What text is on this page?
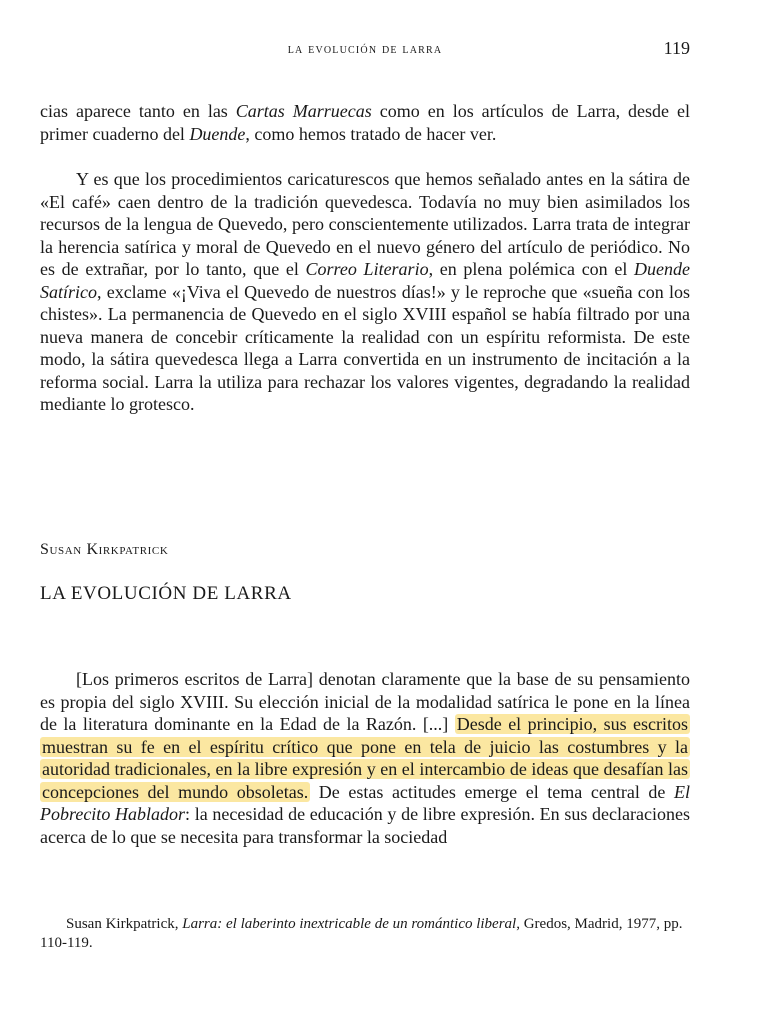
la evolución de larra	119

cias aparece tanto en las Cartas Marruecas como en los artículos de Larra, desde el primer cuaderno del Duende, como hemos tratado de hacer ver.

Y es que los procedimientos caricaturescos que hemos señalado antes en la sátira de «El café» caen dentro de la tradición quevedesca. Todavía no muy bien asimilados los recursos de la lengua de Quevedo, pero conscientemente utilizados. Larra trata de integrar la herencia satírica y moral de Quevedo en el nuevo género del artículo de periódico. No es de extrañar, por lo tanto, que el Correo Literario, en plena polémica con el Duende Satírico, exclame «¡Viva el Quevedo de nuestros días!» y le reproche que «sueña con los chistes». La permanencia de Quevedo en el siglo XVIII español se había filtrado por una nueva manera de concebir críticamente la realidad con un espíritu reformista. De este modo, la sátira quevedesca llega a Larra convertida en un instrumento de incitación a la reforma social. Larra la utiliza para rechazar los valores vigentes, degradando la realidad mediante lo grotesco.

Susan Kirkpatrick
LA EVOLUCIÓN DE LARRA

[Los primeros escritos de Larra] denotan claramente que la base de su pensamiento es propia del siglo XVIII. Su elección inicial de la modalidad satírica le pone en la línea de la literatura dominante en la Edad de la Razón. [...] Desde el principio, sus escritos muestran su fe en el espíritu crítico que pone en tela de juicio las costumbres y la autoridad tradicionales, en la libre expresión y en el intercambio de ideas que desafían las concepciones del mundo obsoletas. De estas actitudes emerge el tema central de El Pobrecito Hablador: la necesidad de educación y de libre expresión. En sus declaraciones acerca de lo que se necesita para transformar la sociedad

Susan Kirkpatrick, Larra: el laberinto inextricable de un romántico liberal, Gredos, Madrid, 1977, pp. 110-119.
